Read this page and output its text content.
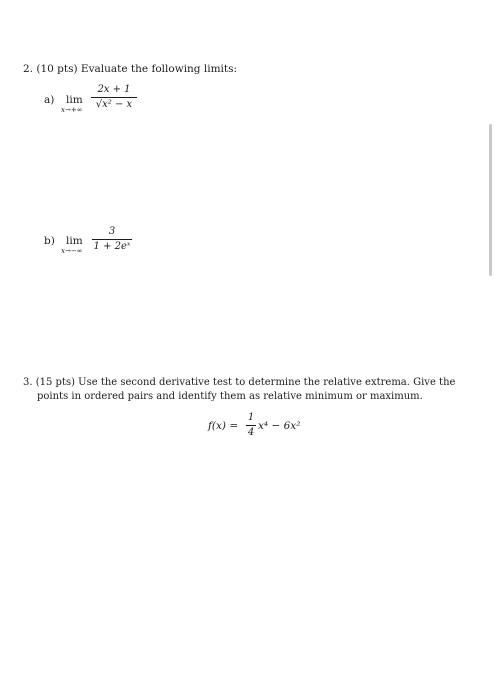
2. (10 pts) Evaluate the following limits:
a) lim
x→+∞
2x + 1
√x² − x
b) lim
x→−∞
3
1 + 2eˣ
3. (15 pts) Use the second derivative test to determine the relative extrema. Give the
points in ordered pairs and identify them as relative minimum or maximum.
f(x) =
1
4
x⁴ − 6x²
